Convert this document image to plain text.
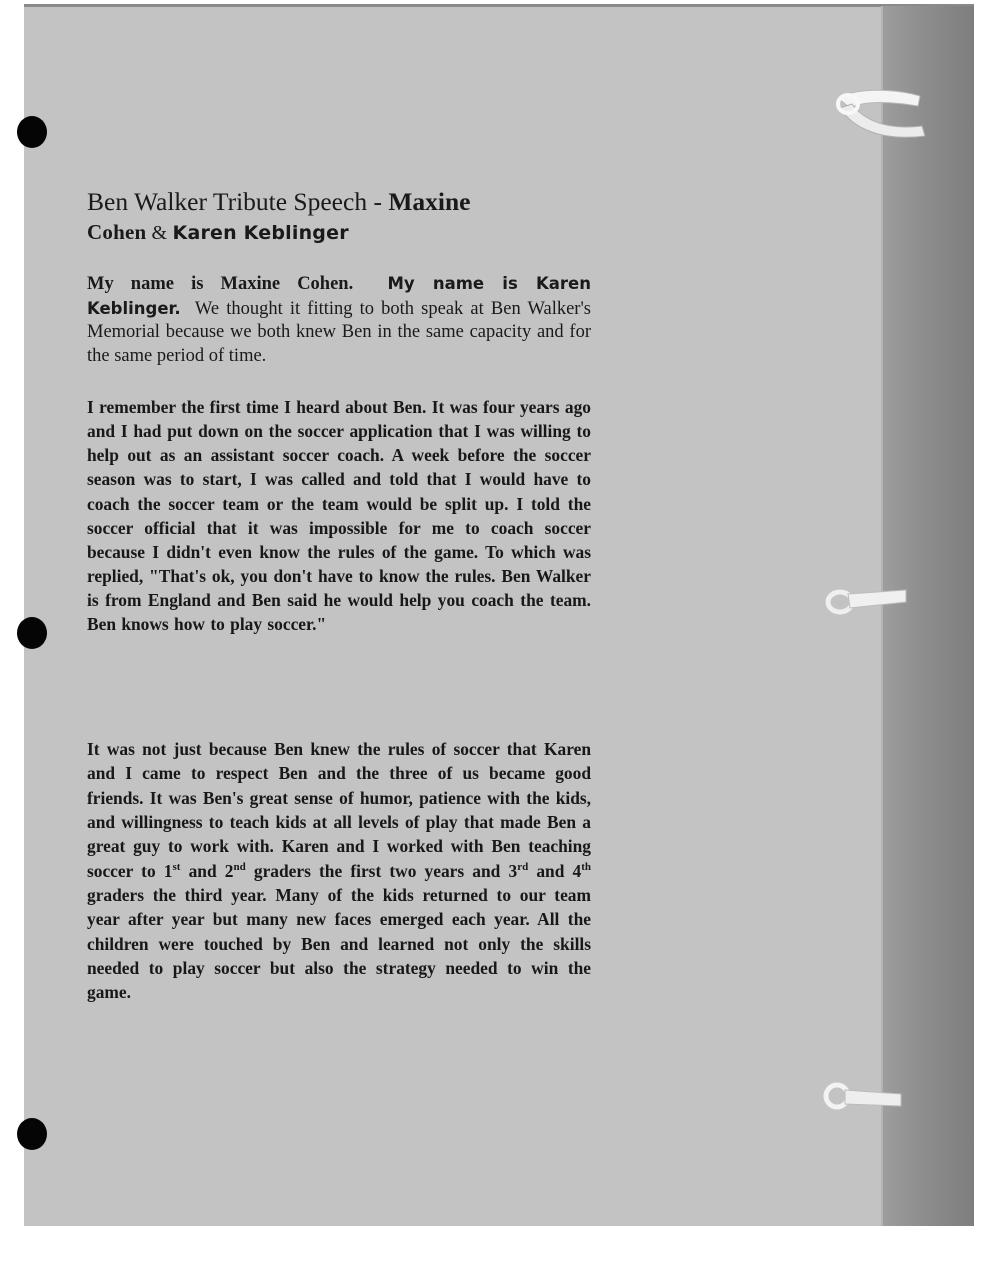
Ben Walker Tribute Speech - Maxine
Cohen & Karen Keblinger
My name is Maxine Cohen. My name is Karen Keblinger. We thought it fitting to both speak at Ben Walker's Memorial because we both knew Ben in the same capacity and for the same period of time.
I remember the first time I heard about Ben. It was four years ago and I had put down on the soccer application that I was willing to help out as an assistant soccer coach. A week before the soccer season was to start, I was called and told that I would have to coach the soccer team or the team would be split up. I told the soccer official that it was impossible for me to coach soccer because I didn't even know the rules of the game. To which was replied, "That's ok, you don't have to know the rules. Ben Walker is from England and Ben said he would help you coach the team. Ben knows how to play soccer."
It was not just because Ben knew the rules of soccer that Karen and I came to respect Ben and the three of us became good friends. It was Ben's great sense of humor, patience with the kids, and willingness to teach kids at all levels of play that made Ben a great guy to work with. Karen and I worked with Ben teaching soccer to 1st and 2nd graders the first two years and 3rd and 4th graders the third year. Many of the kids returned to our team year after year but many new faces emerged each year. All the children were touched by Ben and learned not only the skills needed to play soccer but also the strategy needed to win the game.
